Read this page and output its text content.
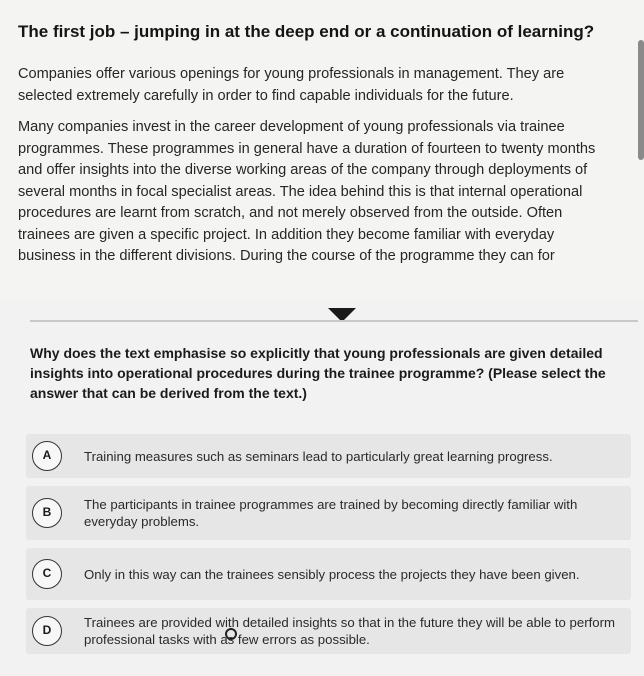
The first job – jumping in at the deep end or a continuation of learning?

Companies offer various openings for young professionals in management. They are selected extremely carefully in order to find capable individuals for the future.

Many companies invest in the career development of young professionals via trainee programmes. These programmes in general have a duration of fourteen to twenty months and offer insights into the diverse working areas of the company through deployments of several months in focal specialist areas. The idea behind this is that internal operational procedures are learnt from scratch, and not merely observed from the outside. Often trainees are given a specific project. In addition they become familiar with everyday business in the different divisions. During the course of the programme they can for

Why does the text emphasise so explicitly that young professionals are given detailed insights into operational procedures during the trainee programme? (Please select the answer that can be derived from the text.)
A	Training measures such as seminars lead to particularly great learning progress.
B	The participants in trainee programmes are trained by becoming directly familiar with everyday problems.
C	Only in this way can the trainees sensibly process the projects they have been given.
D	Trainees are provided with detailed insights so that in the future they will be able to perform professional tasks with as few errors as possible.
